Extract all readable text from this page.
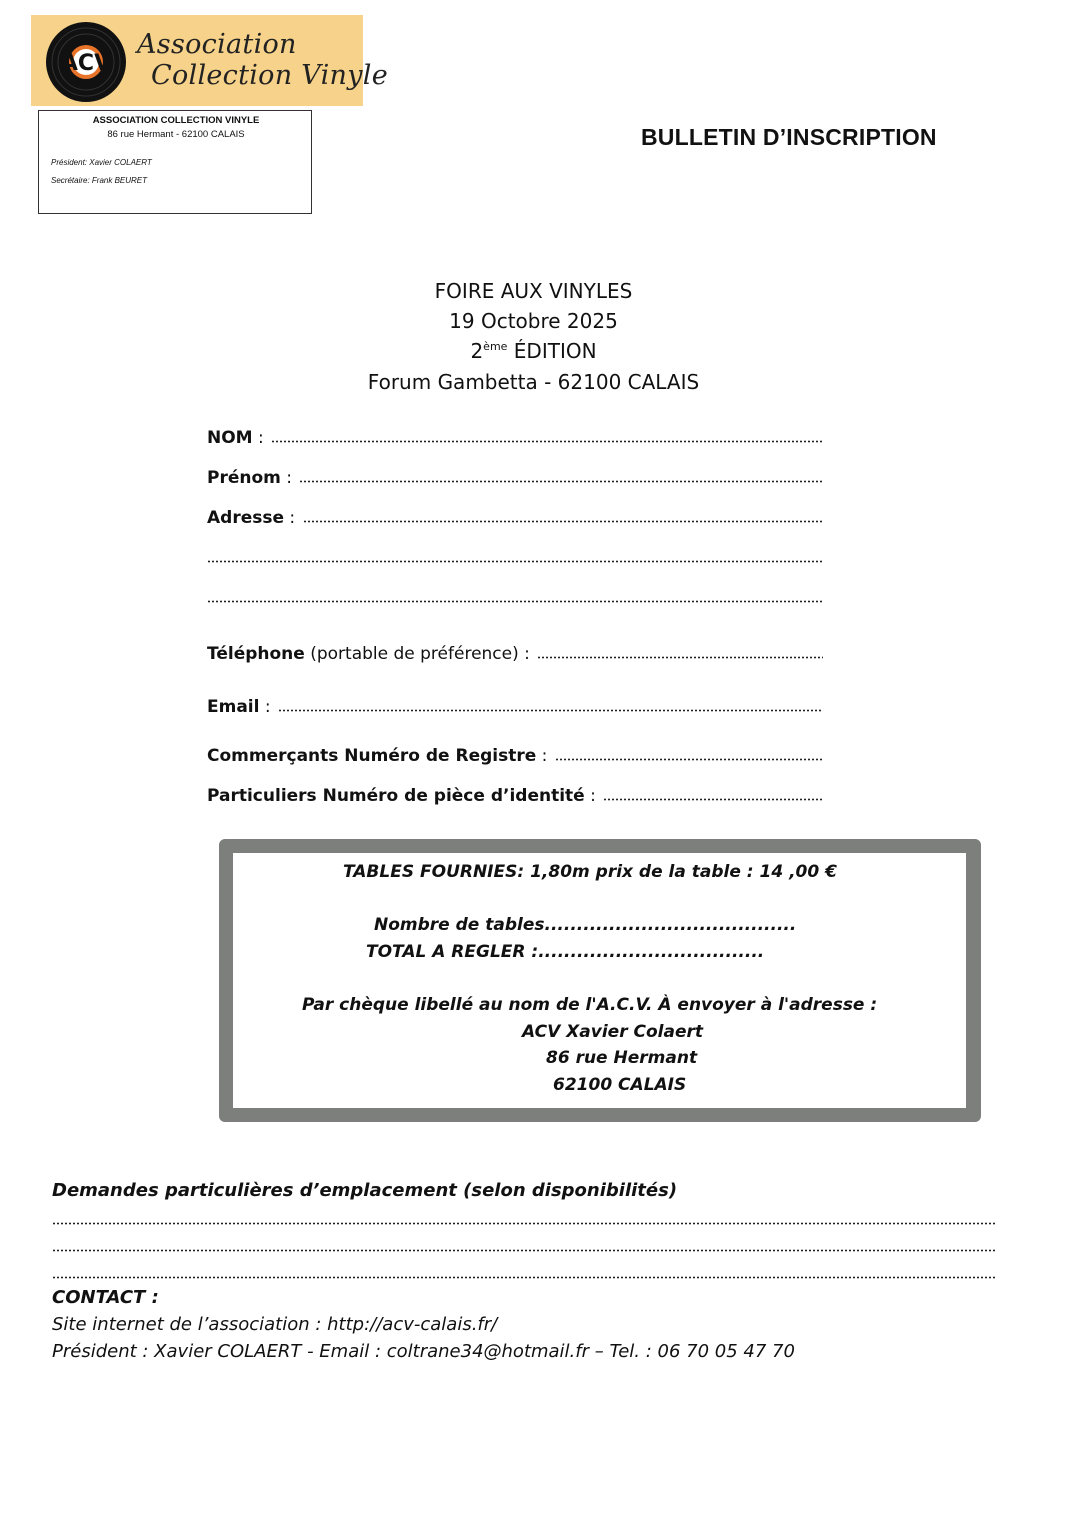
ACV
Association
Collection Vinyle
ASSOCIATION COLLECTION VINYLE
86 rue Hermant - 62100 CALAIS
Président: Xavier COLAERT
Secrétaire: Frank BEURET
BULLETIN D’INSCRIPTION
FOIRE AUX VINYLES
19 Octobre 2025
2ème ÉDITION
Forum Gambetta - 62100 CALAIS
NOM :
Prénom :
Adresse :
Téléphone (portable de préférence) :
Email :
Commerçants Numéro de Registre :
Particuliers Numéro de pièce d’identité :
TABLES FOURNIES: 1,80m prix de la table : 14 ,00 €
Nombre de tables.......................................
TOTAL A REGLER :...................................
Par chèque libellé au nom de l'A.C.V. À envoyer à l'adresse :
ACV Xavier Colaert
86 rue Hermant
62100 CALAIS
Demandes particulières d’emplacement (selon disponibilités)
CONTACT :
Site internet de l’association : http://acv-calais.fr/
Président : Xavier COLAERT - Email : coltrane34@hotmail.fr – Tel. : 06 70 05 47 70
